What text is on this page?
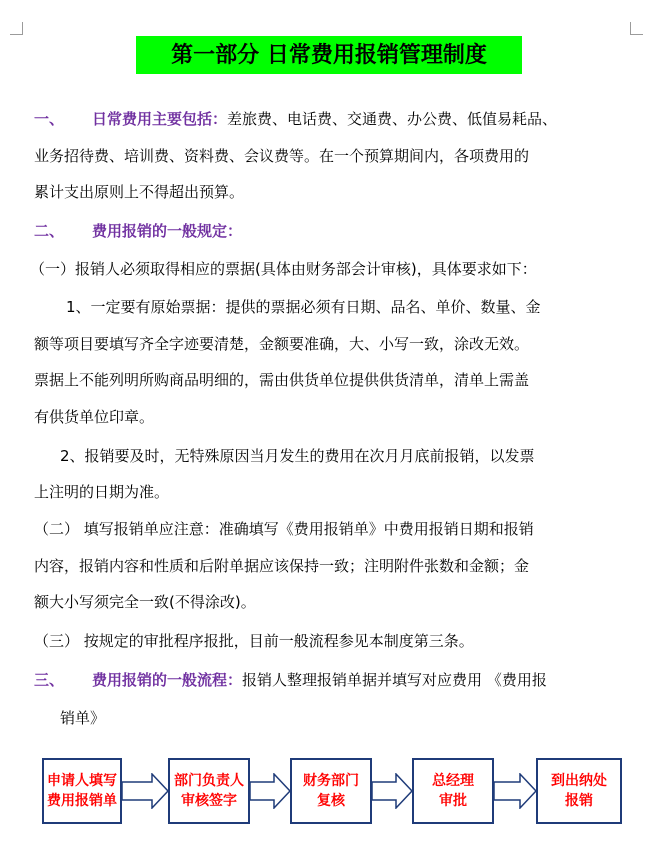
第一部分 日常费用报销管理制度
一、 日常费用主要包括：差旅费、电话费、交通费、办公费、低值易耗品、
业务招待费、培训费、资料费、会议费等。在一个预算期间内，各项费用的
累计支出原则上不得超出预算。
二、 费用报销的一般规定：
（一）报销人必须取得相应的票据(具体由财务部会计审核)，具体要求如下：
1、一定要有原始票据：提供的票据必须有日期、品名、单价、数量、金
额等项目要填写齐全字迹要清楚，金额要准确，大、小写一致，涂改无效。
票据上不能列明所购商品明细的，需由供货单位提供供货清单，清单上需盖
有供货单位印章。
2、报销要及时，无特殊原因当月发生的费用在次月月底前报销，以发票
上注明的日期为准。
（二） 填写报销单应注意：准确填写《费用报销单》中费用报销日期和报销
内容，报销内容和性质和后附单据应该保持一致；注明附件张数和金额；金
额大小写须完全一致(不得涂改)。
（三） 按规定的审批程序报批，目前一般流程参见本制度第三条。
三、 费用报销的一般流程：报销人整理报销单据并填写对应费用 《费用报
销单》
申请人填写
费用报销单
部门负责人
审核签字
财务部门
复核
总经理
审批
到出纳处
报销
